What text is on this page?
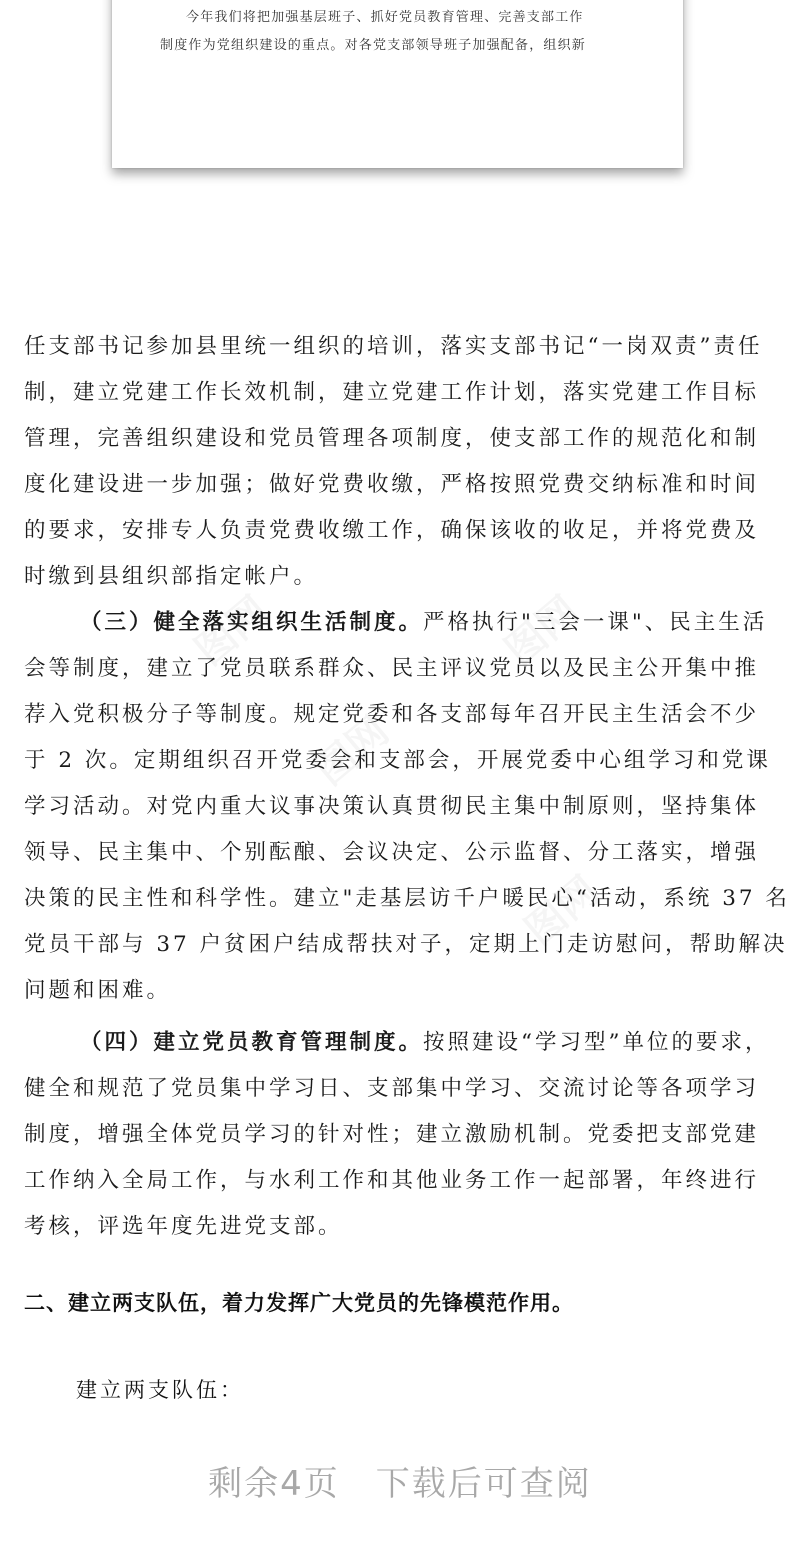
今年我们将把加强基层班子、抓好党员教育管理、完善支部工作

制度作为党组织建设的重点。对各党支部领导班子加强配备，组织新

图网	图网
图网
图网
任支部书记参加县里统一组织的培训，落实支部书记“一岗双责”责任
制，建立党建工作长效机制，建立党建工作计划，落实党建工作目标
管理，完善组织建设和党员管理各项制度，使支部工作的规范化和制
度化建设进一步加强；做好党费收缴，严格按照党费交纳标准和时间
的要求，安排专人负责党费收缴工作，确保该收的收足，并将党费及
时缴到县组织部指定帐户。
（三）健全落实组织生活制度。严格执行"三会一课"、民主生活
会等制度，建立了党员联系群众、民主评议党员以及民主公开集中推
荐入党积极分子等制度。规定党委和各支部每年召开民主生活会不少
于 2 次。定期组织召开党委会和支部会，开展党委中心组学习和党课
学习活动。对党内重大议事决策认真贯彻民主集中制原则，坚持集体
领导、民主集中、个别酝酿、会议决定、公示监督、分工落实，增强
决策的民主性和科学性。建立"走基层访千户暖民心“活动，系统 37 名
党员干部与 37 户贫困户结成帮扶对子，定期上门走访慰问，帮助解决
问题和困难。
（四）建立党员教育管理制度。按照建设“学习型”单位的要求，
健全和规范了党员集中学习日、支部集中学习、交流讨论等各项学习
制度，增强全体党员学习的针对性；建立激励机制。党委把支部党建
工作纳入全局工作，与水利工作和其他业务工作一起部署，年终进行
考核，评选年度先进党支部。
二、建立两支队伍，着力发挥广大党员的先锋模范作用。

建立两支队伍：

剩余4页　下载后可查阅
